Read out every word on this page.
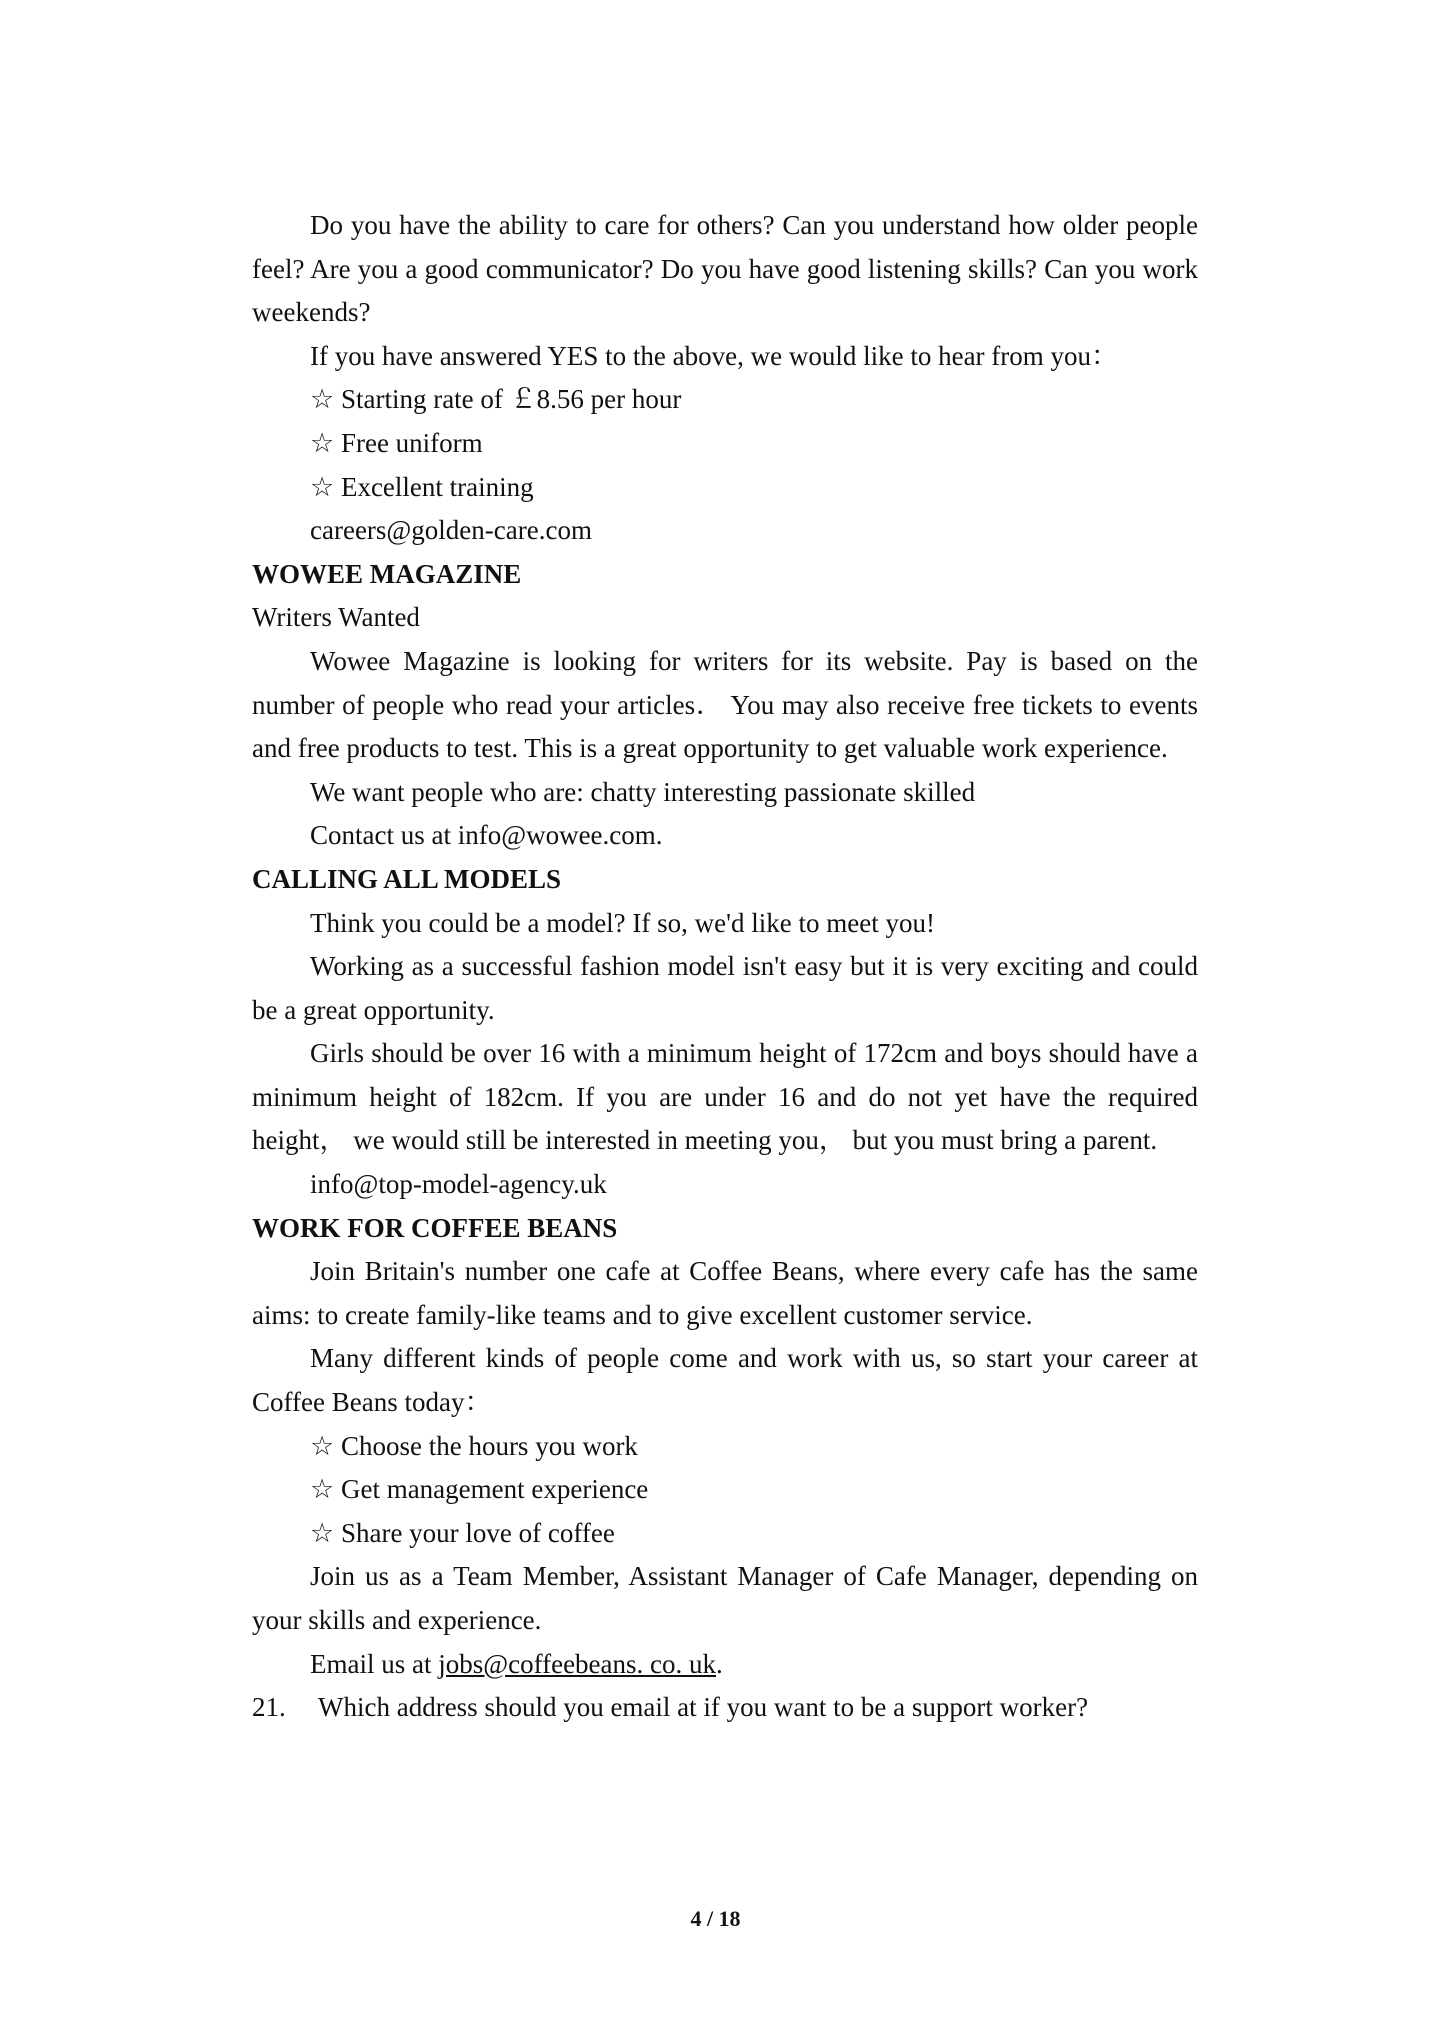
Do you have the ability to care for others? Can you understand how older people feel? Are you a good communicator? Do you have good listening skills? Can you work weekends?

If you have answered YES to the above, we would like to hear from you：

☆ Starting rate of ￡8.56 per hour

☆ Free uniform

☆ Excellent training

careers@golden-care.com

WOWEE MAGAZINE

Writers Wanted

Wowee Magazine is looking for writers for its website. Pay is based on the number of people who read your articles． You may also receive free tickets to events and free products to test. This is a great opportunity to get valuable work experience.

We want people who are: chatty interesting passionate skilled

Contact us at info@wowee.com.

CALLING ALL MODELS

Think you could be a model? If so, we'd like to meet you!

Working as a successful fashion model isn't easy but it is very exciting and could be a great opportunity.

Girls should be over 16 with a minimum height of 172cm and boys should have a minimum height of 182cm. If you are under 16 and do not yet have the required height， we would still be interested in meeting you， but you must bring a parent.

info@top-model-agency.uk

WORK FOR COFFEE BEANS

Join Britain's number one cafe at Coffee Beans, where every cafe has the same aims: to create family-like teams and to give excellent customer service.

Many different kinds of people come and work with us, so start your career at Coffee Beans today：

☆ Choose the hours you work

☆ Get management experience

☆ Share your love of coffee

Join us as a Team Member, Assistant Manager of Cafe Manager, depending on your skills and experience.

Email us at jobs@coffeebeans. co. uk.

21. Which address should you email at if you want to be a support worker?

4 / 18
